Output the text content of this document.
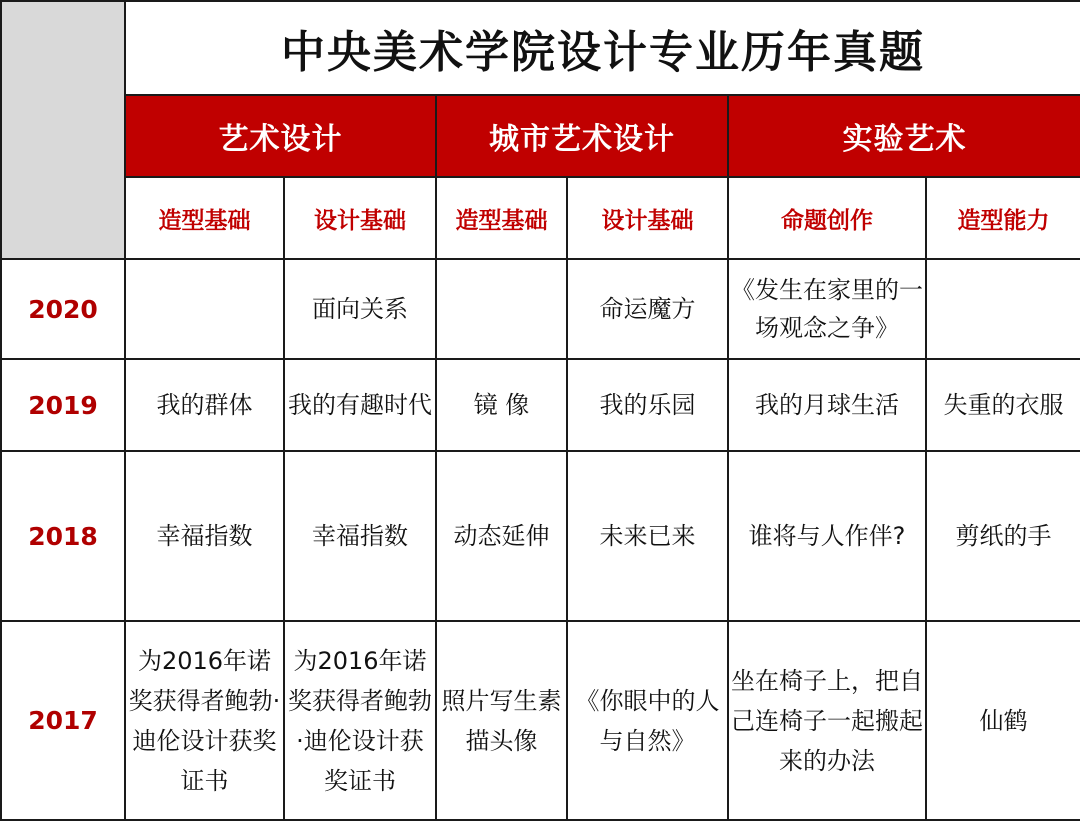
	中央美术学院设计专业历年真题					
	艺术设计		城市艺术设计		实验艺术	
	造型基础	设计基础	造型基础	设计基础	命题创作	造型能力
2020		面向关系		命运魔方	《发生在家里的一场观念之争》	
2019	我的群体	我的有趣时代	镜 像	我的乐园	我的月球生活	失重的衣服
2018	幸福指数	幸福指数	动态延伸	未来已来	谁将与人作伴?	剪纸的手
2017	为2016年诺奖获得者鲍勃·迪伦设计获奖证书	为2016年诺奖获得者鲍勃·迪伦设计获奖证书	照片写生素描头像	《你眼中的人与自然》	坐在椅子上，把自己连椅子一起搬起来的办法	仙鹤
